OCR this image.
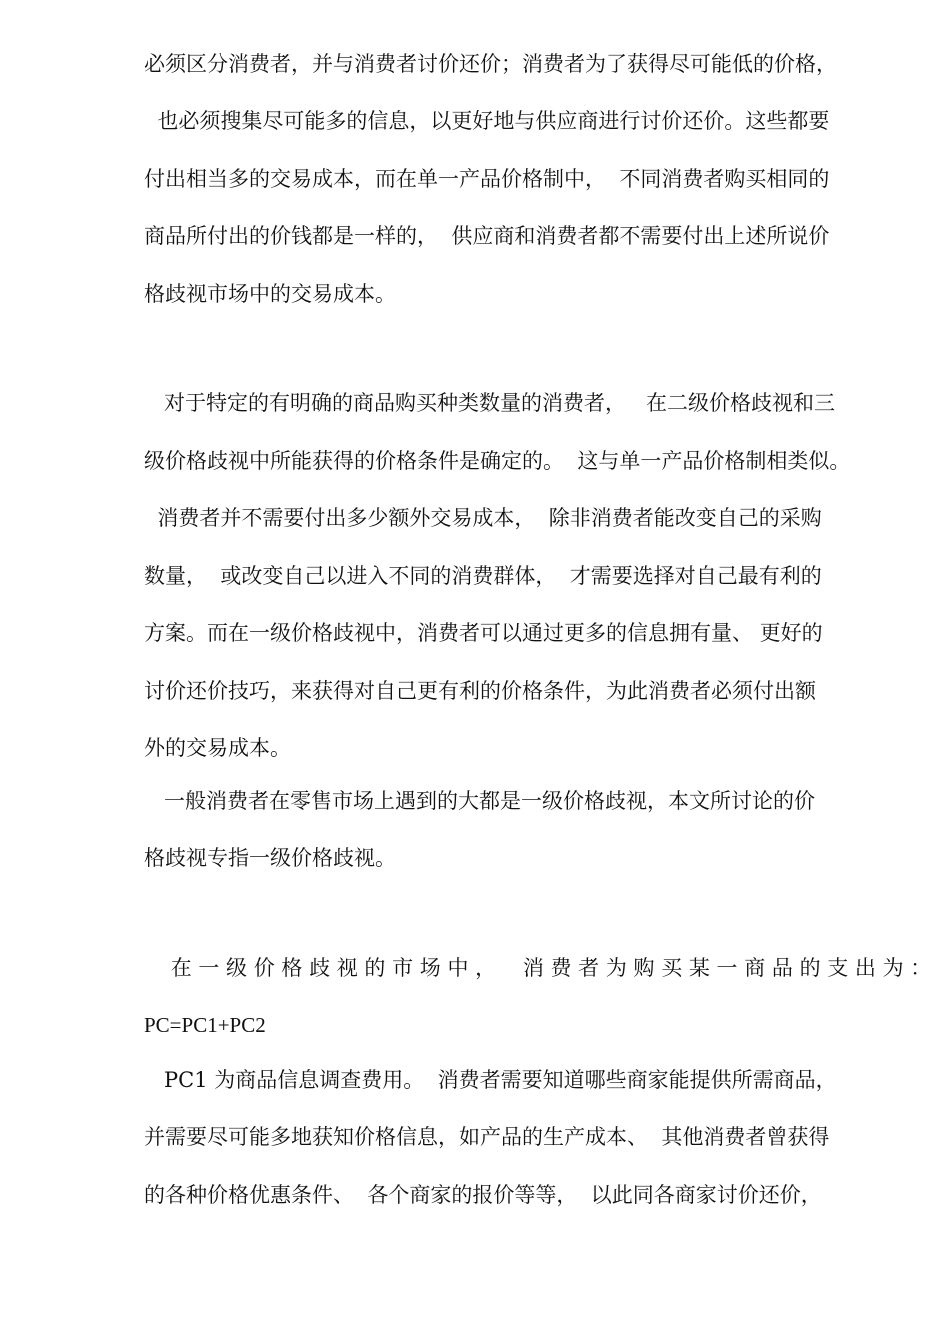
必须区分消费者，并与消费者讨价还价；消费者为了获得尽可能低的价格，
也必须搜集尽可能多的信息，以更好地与供应商进行讨价还价。这些都要
付出相当多的交易成本，而在单一产品价格制中，  不同消费者购买相同的
商品所付出的价钱都是一样的，  供应商和消费者都不需要付出上述所说价
格歧视市场中的交易成本。
对于特定的有明确的商品购买种类数量的消费者，   在二级价格歧视和三
级价格歧视中所能获得的价格条件是确定的。  这与单一产品价格制相类似。
消费者并不需要付出多少额外交易成本，  除非消费者能改变自己的采购
数量，  或改变自己以进入不同的消费群体，  才需要选择对自己最有利的
方案。而在一级价格歧视中，消费者可以通过更多的信息拥有量、 更好的
讨价还价技巧，来获得对自己更有利的价格条件，为此消费者必须付出额
外的交易成本。
一般消费者在零售市场上遇到的大都是一级价格歧视，本文所讨论的价
格歧视专指一级价格歧视。
在 一 级 价 格 歧 视 的 市 场 中 ，    消 费 者 为 购 买 某 一 商 品 的 支 出 为 ：
PC=PC1+PC2
PC1 为商品信息调查费用。  消费者需要知道哪些商家能提供所需商品，
并需要尽可能多地获知价格信息，如产品的生产成本、  其他消费者曾获得
的各种价格优惠条件、  各个商家的报价等等，  以此同各商家讨价还价，
